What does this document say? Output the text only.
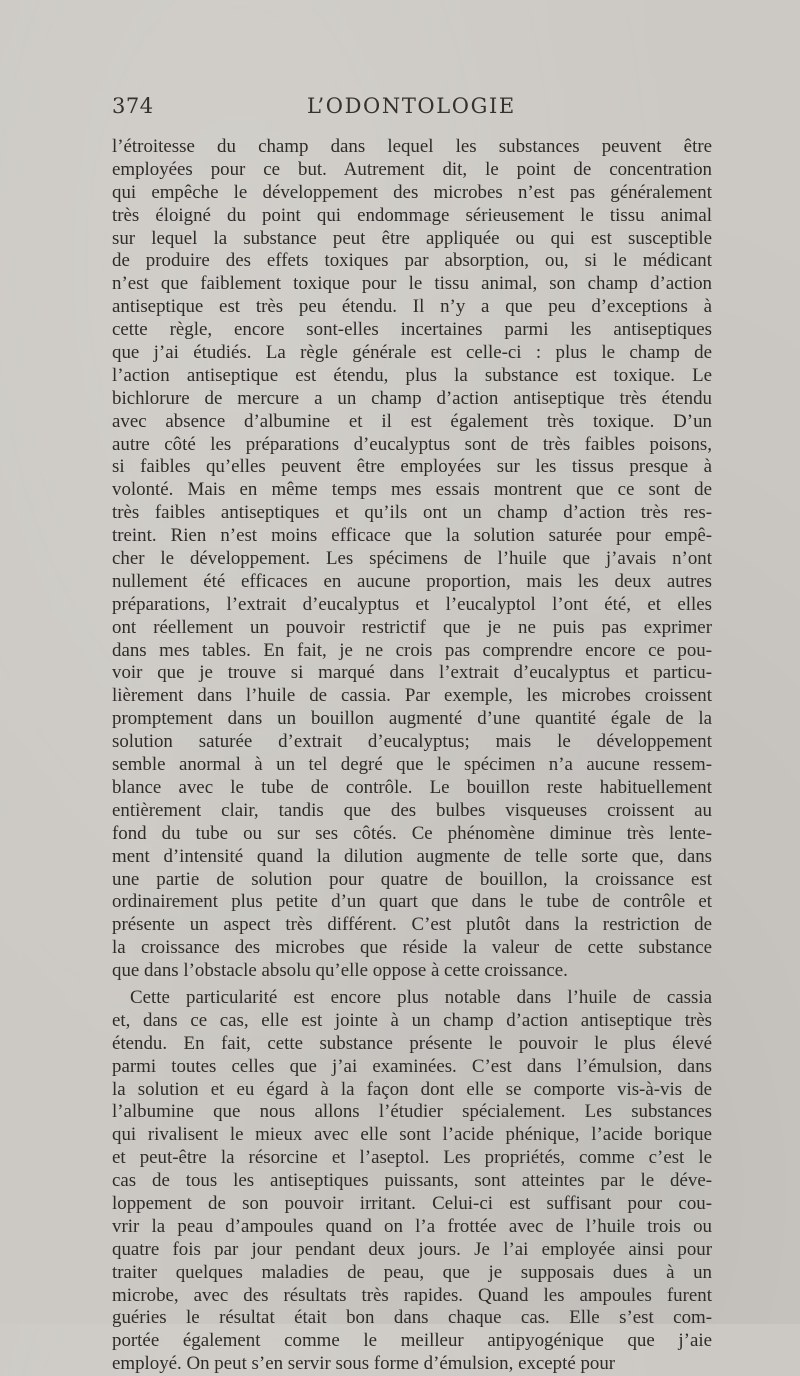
374	L’ODONTOLOGIE
l’étroitesse du champ dans lequel les substances peuvent être
employées pour ce but. Autrement dit, le point de concentration
qui empêche le développement des microbes n’est pas généralement
très éloigné du point qui endommage sérieusement le tissu animal
sur lequel la substance peut être appliquée ou qui est susceptible
de produire des effets toxiques par absorption, ou, si le médicant
n’est que faiblement toxique pour le tissu animal, son champ d’action
antiseptique est très peu étendu. Il n’y a que peu d’exceptions à
cette règle, encore sont-elles incertaines parmi les antiseptiques
que j’ai étudiés. La règle générale est celle-ci : plus le champ de
l’action antiseptique est étendu, plus la substance est toxique. Le
bichlorure de mercure a un champ d’action antiseptique très étendu
avec absence d’albumine et il est également très toxique. D’un
autre côté les préparations d’eucalyptus sont de très faibles poisons,
si faibles qu’elles peuvent être employées sur les tissus presque à
volonté. Mais en même temps mes essais montrent que ce sont de
très faibles antiseptiques et qu’ils ont un champ d’action très res-
treint. Rien n’est moins efficace que la solution saturée pour empê-
cher le développement. Les spécimens de l’huile que j’avais n’ont
nullement été efficaces en aucune proportion, mais les deux autres
préparations, l’extrait d’eucalyptus et l’eucalyptol l’ont été, et elles
ont réellement un pouvoir restrictif que je ne puis pas exprimer
dans mes tables. En fait, je ne crois pas comprendre encore ce pou-
voir que je trouve si marqué dans l’extrait d’eucalyptus et particu-
lièrement dans l’huile de cassia. Par exemple, les microbes croissent
promptement dans un bouillon augmenté d’une quantité égale de la
solution saturée d’extrait d’eucalyptus; mais le développement
semble anormal à un tel degré que le spécimen n’a aucune ressem-
blance avec le tube de contrôle. Le bouillon reste habituellement
entièrement clair, tandis que des bulbes visqueuses croissent au
fond du tube ou sur ses côtés. Ce phénomène diminue très lente-
ment d’intensité quand la dilution augmente de telle sorte que, dans
une partie de solution pour quatre de bouillon, la croissance est
ordinairement plus petite d’un quart que dans le tube de contrôle et
présente un aspect très différent. C’est plutôt dans la restriction de
la croissance des microbes que réside la valeur de cette substance
que dans l’obstacle absolu qu’elle oppose à cette croissance.
Cette particularité est encore plus notable dans l’huile de cassia
et, dans ce cas, elle est jointe à un champ d’action antiseptique très
étendu. En fait, cette substance présente le pouvoir le plus élevé
parmi toutes celles que j’ai examinées. C’est dans l’émulsion, dans
la solution et eu égard à la façon dont elle se comporte vis-à-vis de
l’albumine que nous allons l’étudier spécialement. Les substances
qui rivalisent le mieux avec elle sont l’acide phénique, l’acide borique
et peut-être la résorcine et l’aseptol. Les propriétés, comme c’est le
cas de tous les antiseptiques puissants, sont atteintes par le déve-
loppement de son pouvoir irritant. Celui-ci est suffisant pour cou-
vrir la peau d’ampoules quand on l’a frottée avec de l’huile trois ou
quatre fois par jour pendant deux jours. Je l’ai employée ainsi pour
traiter quelques maladies de peau, que je supposais dues à un
microbe, avec des résultats très rapides. Quand les ampoules furent
guéries le résultat était bon dans chaque cas. Elle s’est com-
portée également comme le meilleur antipyogénique que j’aie
employé. On peut s’en servir sous forme d’émulsion, excepté pour
